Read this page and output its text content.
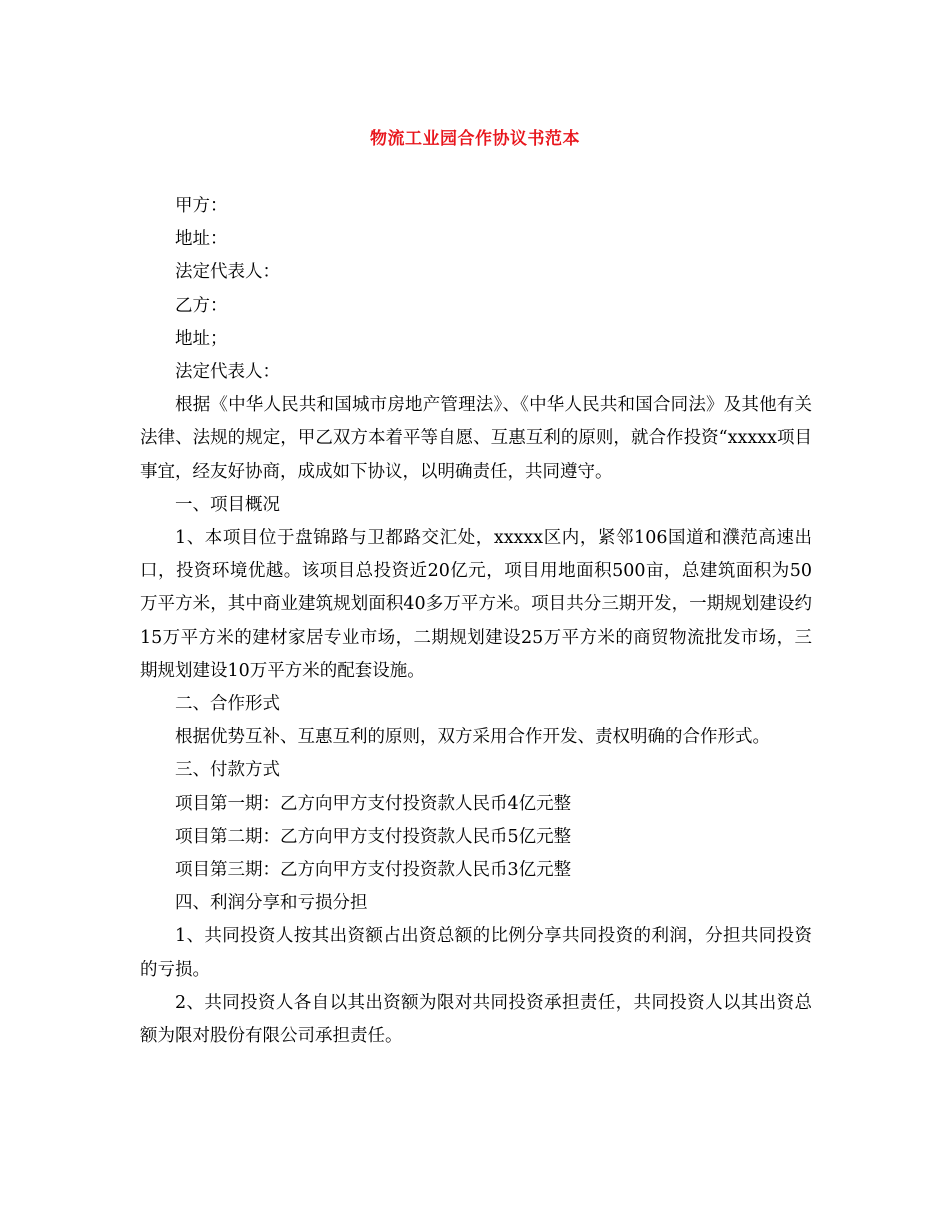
物流工业园合作协议书范本

甲方：

地址：

法定代表人：

乙方：

地址；

法定代表人：

根据《中华人民共和国城市房地产管理法》、《中华人民共和国合同法》及其他有关法律、法规的规定，甲乙双方本着平等自愿、互惠互利的原则，就合作投资“xxxxx项目事宜，经友好协商，成成如下协议，以明确责任，共同遵守。

一、项目概况

1、本项目位于盘锦路与卫都路交汇处，xxxxx区内，紧邻106国道和濮范高速出口，投资环境优越。该项目总投资近20亿元，项目用地面积500亩，总建筑面积为50万平方米，其中商业建筑规划面积40多万平方米。项目共分三期开发，一期规划建设约15万平方米的建材家居专业市场，二期规划建设25万平方米的商贸物流批发市场，三期规划建设10万平方米的配套设施。

二、合作形式

根据优势互补、互惠互利的原则，双方采用合作开发、责权明确的合作形式。

三、付款方式

项目第一期：乙方向甲方支付投资款人民币4亿元整

项目第二期：乙方向甲方支付投资款人民币5亿元整

项目第三期：乙方向甲方支付投资款人民币3亿元整

四、利润分享和亏损分担

1、共同投资人按其出资额占出资总额的比例分享共同投资的利润，分担共同投资的亏损。

2、共同投资人各自以其出资额为限对共同投资承担责任，共同投资人以其出资总额为限对股份有限公司承担责任。
